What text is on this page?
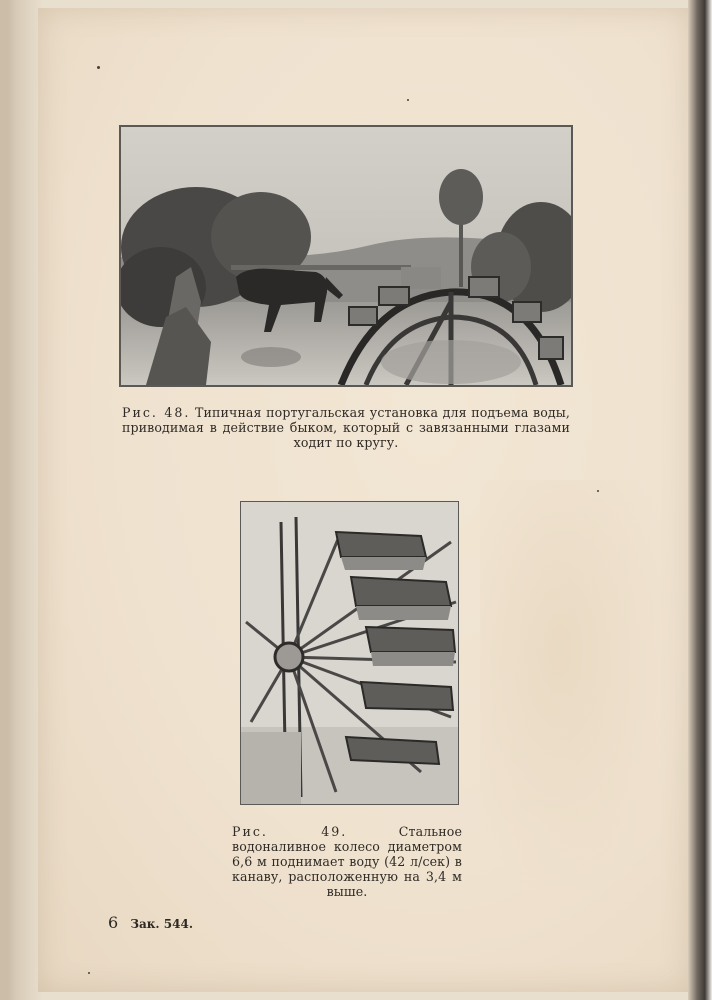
Рис. 48. Типичная португальская установка для подъема воды, приводимая в действие быком, который с завязанными глазами ходит по кругу.
Рис. 49.	Стальное водоналивное колесо диаметром 6,6 м поднимает воду (42 л/сек) в канаву, расположенную на 3,4 м выше.
6 Зак. 544.
